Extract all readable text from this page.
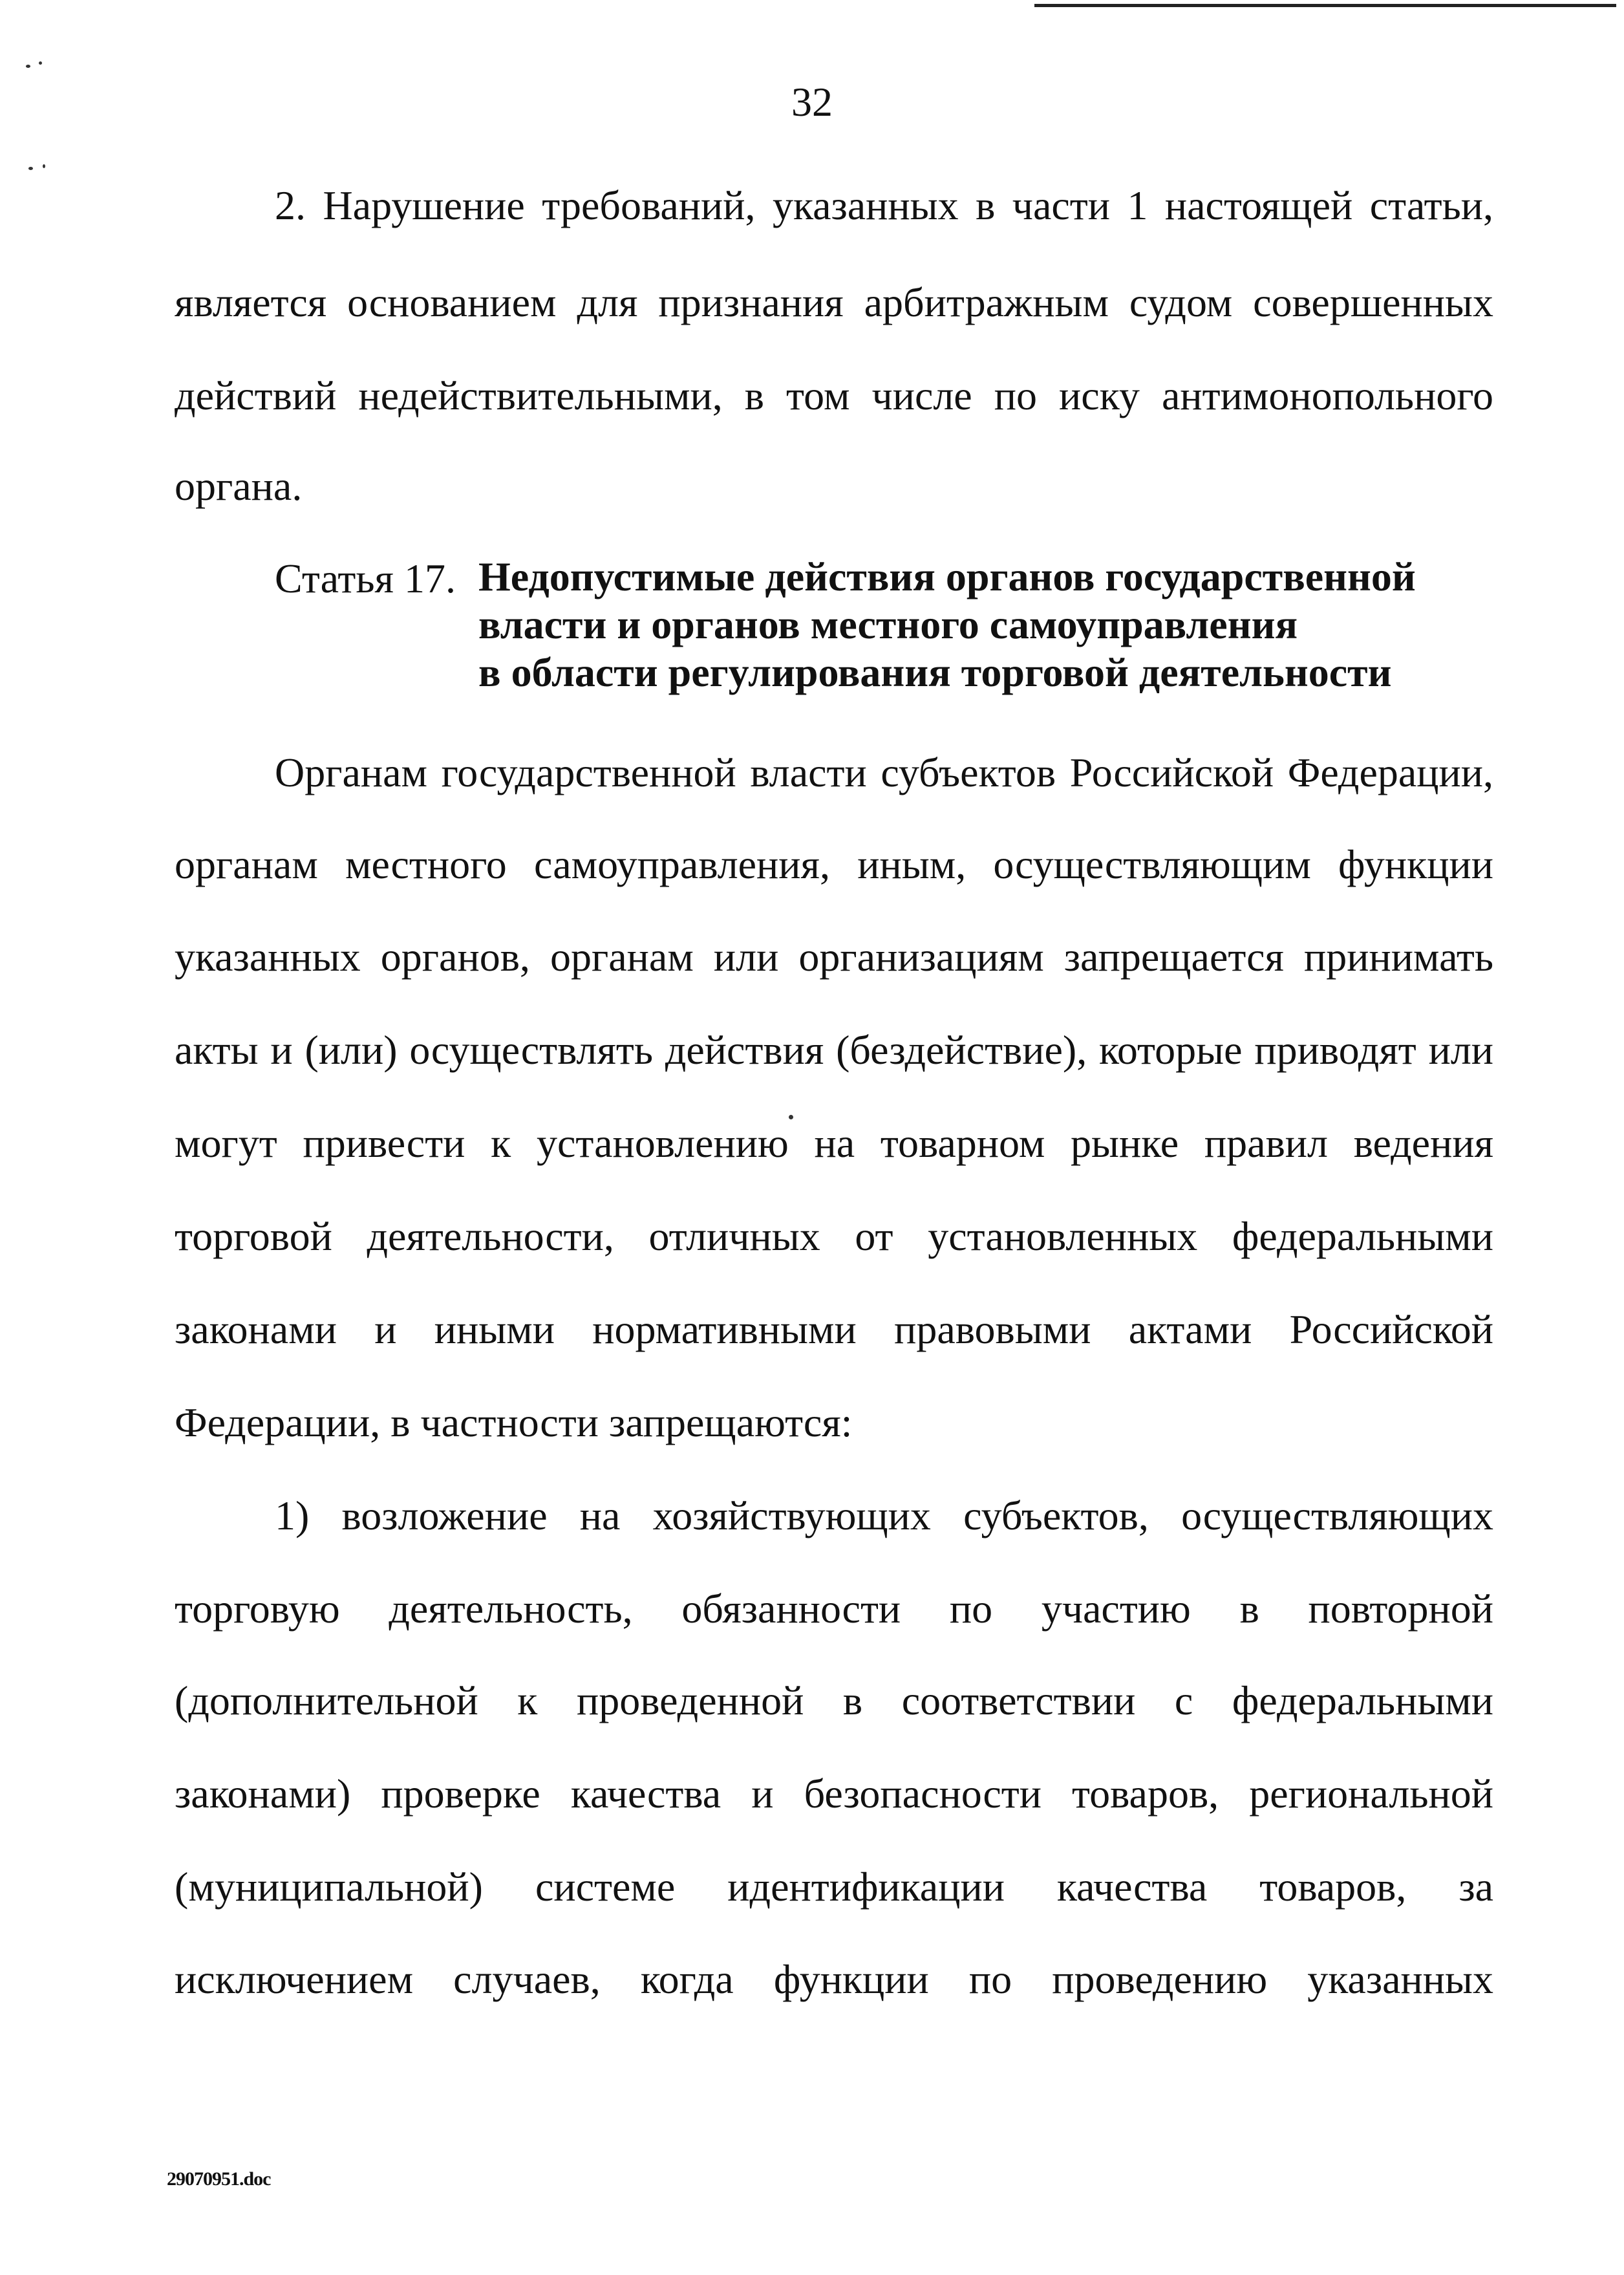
32
2. Нарушение требований, указанных в части 1 настоящей статьи,
является основанием для признания арбитражным судом совершенных
действий недействительными, в том числе по иску антимонопольного
органа.
Статья 17. Недопустимые действия органов государственной
власти и органов местного самоуправления
в области регулирования торговой деятельности
Органам государственной власти субъектов Российской Федерации,
органам местного самоуправления, иным, осуществляющим функции
указанных органов, органам или организациям запрещается принимать
акты и (или) осуществлять действия (бездействие), которые приводят или
могут привести к установлению на товарном рынке правил ведения
торговой деятельности, отличных от установленных федеральными
законами и иными нормативными правовыми актами Российской
Федерации, в частности запрещаются:
1) возложение на хозяйствующих субъектов, осуществляющих
торговую деятельность, обязанности по участию в повторной
(дополнительной к проведенной в соответствии с федеральными
законами) проверке качества и безопасности товаров, региональной
(муниципальной) системе идентификации качества товаров, за
исключением случаев, когда функции по проведению указанных
29070951.doc
